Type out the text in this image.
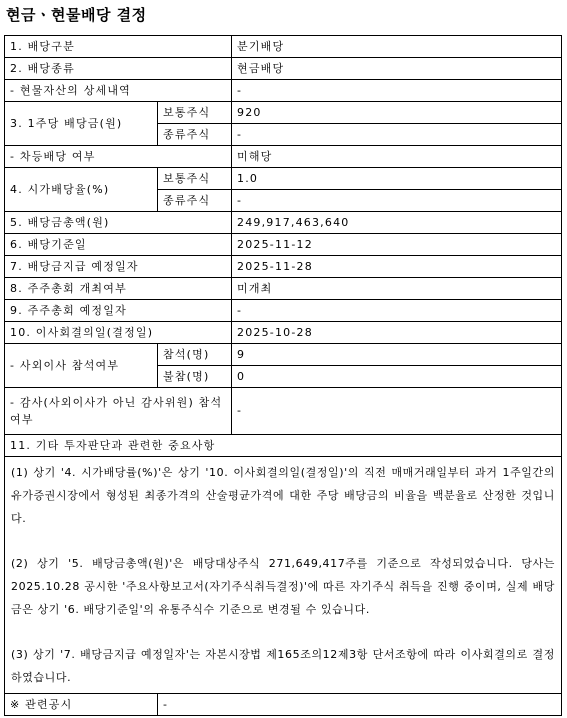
현금ㆍ현물배당 결정
1. 배당구분		분기배당
2. 배당종류		현금배당
- 현물자산의 상세내역		-
3. 1주당 배당금(원)	보통주식	920
	종류주식	-
- 차등배당 여부		미해당
4. 시가배당율(%)	보통주식	1.0
	종류주식	-
5. 배당금총액(원)		249,917,463,640
6. 배당기준일		2025-11-12
7. 배당금지급 예정일자		2025-11-28
8. 주주총회 개최여부		미개최
9. 주주총회 예정일자		-
10. 이사회결의일(결정일)		2025-10-28
- 사외이사 참석여부	참석(명)	9
	불참(명)	0
- 감사(사외이사가 아닌 감사위원) 참석여부		-
11. 기타 투자판단과 관련한 중요사항		

(1) 상기 '4. 시가배당률(%)'은 상기 '10. 이사회결의일(결정일)'의 직전 매매거래일부터 과거 1주일간의 유가증권시장에서 형성된 최종가격의 산술평균가격에 대한 주당 배당금의 비율을 백분율로 산정한 것입니다.

(2) 상기 '5. 배당금총액(원)'은 배당대상주식 271,649,417주를 기준으로 작성되었습니다. 당사는 2025.10.28 공시한 '주요사항보고서(자기주식취득결정)'에 따른 자기주식 취득을 진행 중이며, 실제 배당금은 상기 '6. 배당기준일'의 유통주식수 기준으로 변경될 수 있습니다.

(3) 상기 '7. 배당금지급 예정일자'는 자본시장법 제165조의12제3항 단서조항에 따라 이사회결의로 결정하였습니다.		

※ 관련공시	-	
